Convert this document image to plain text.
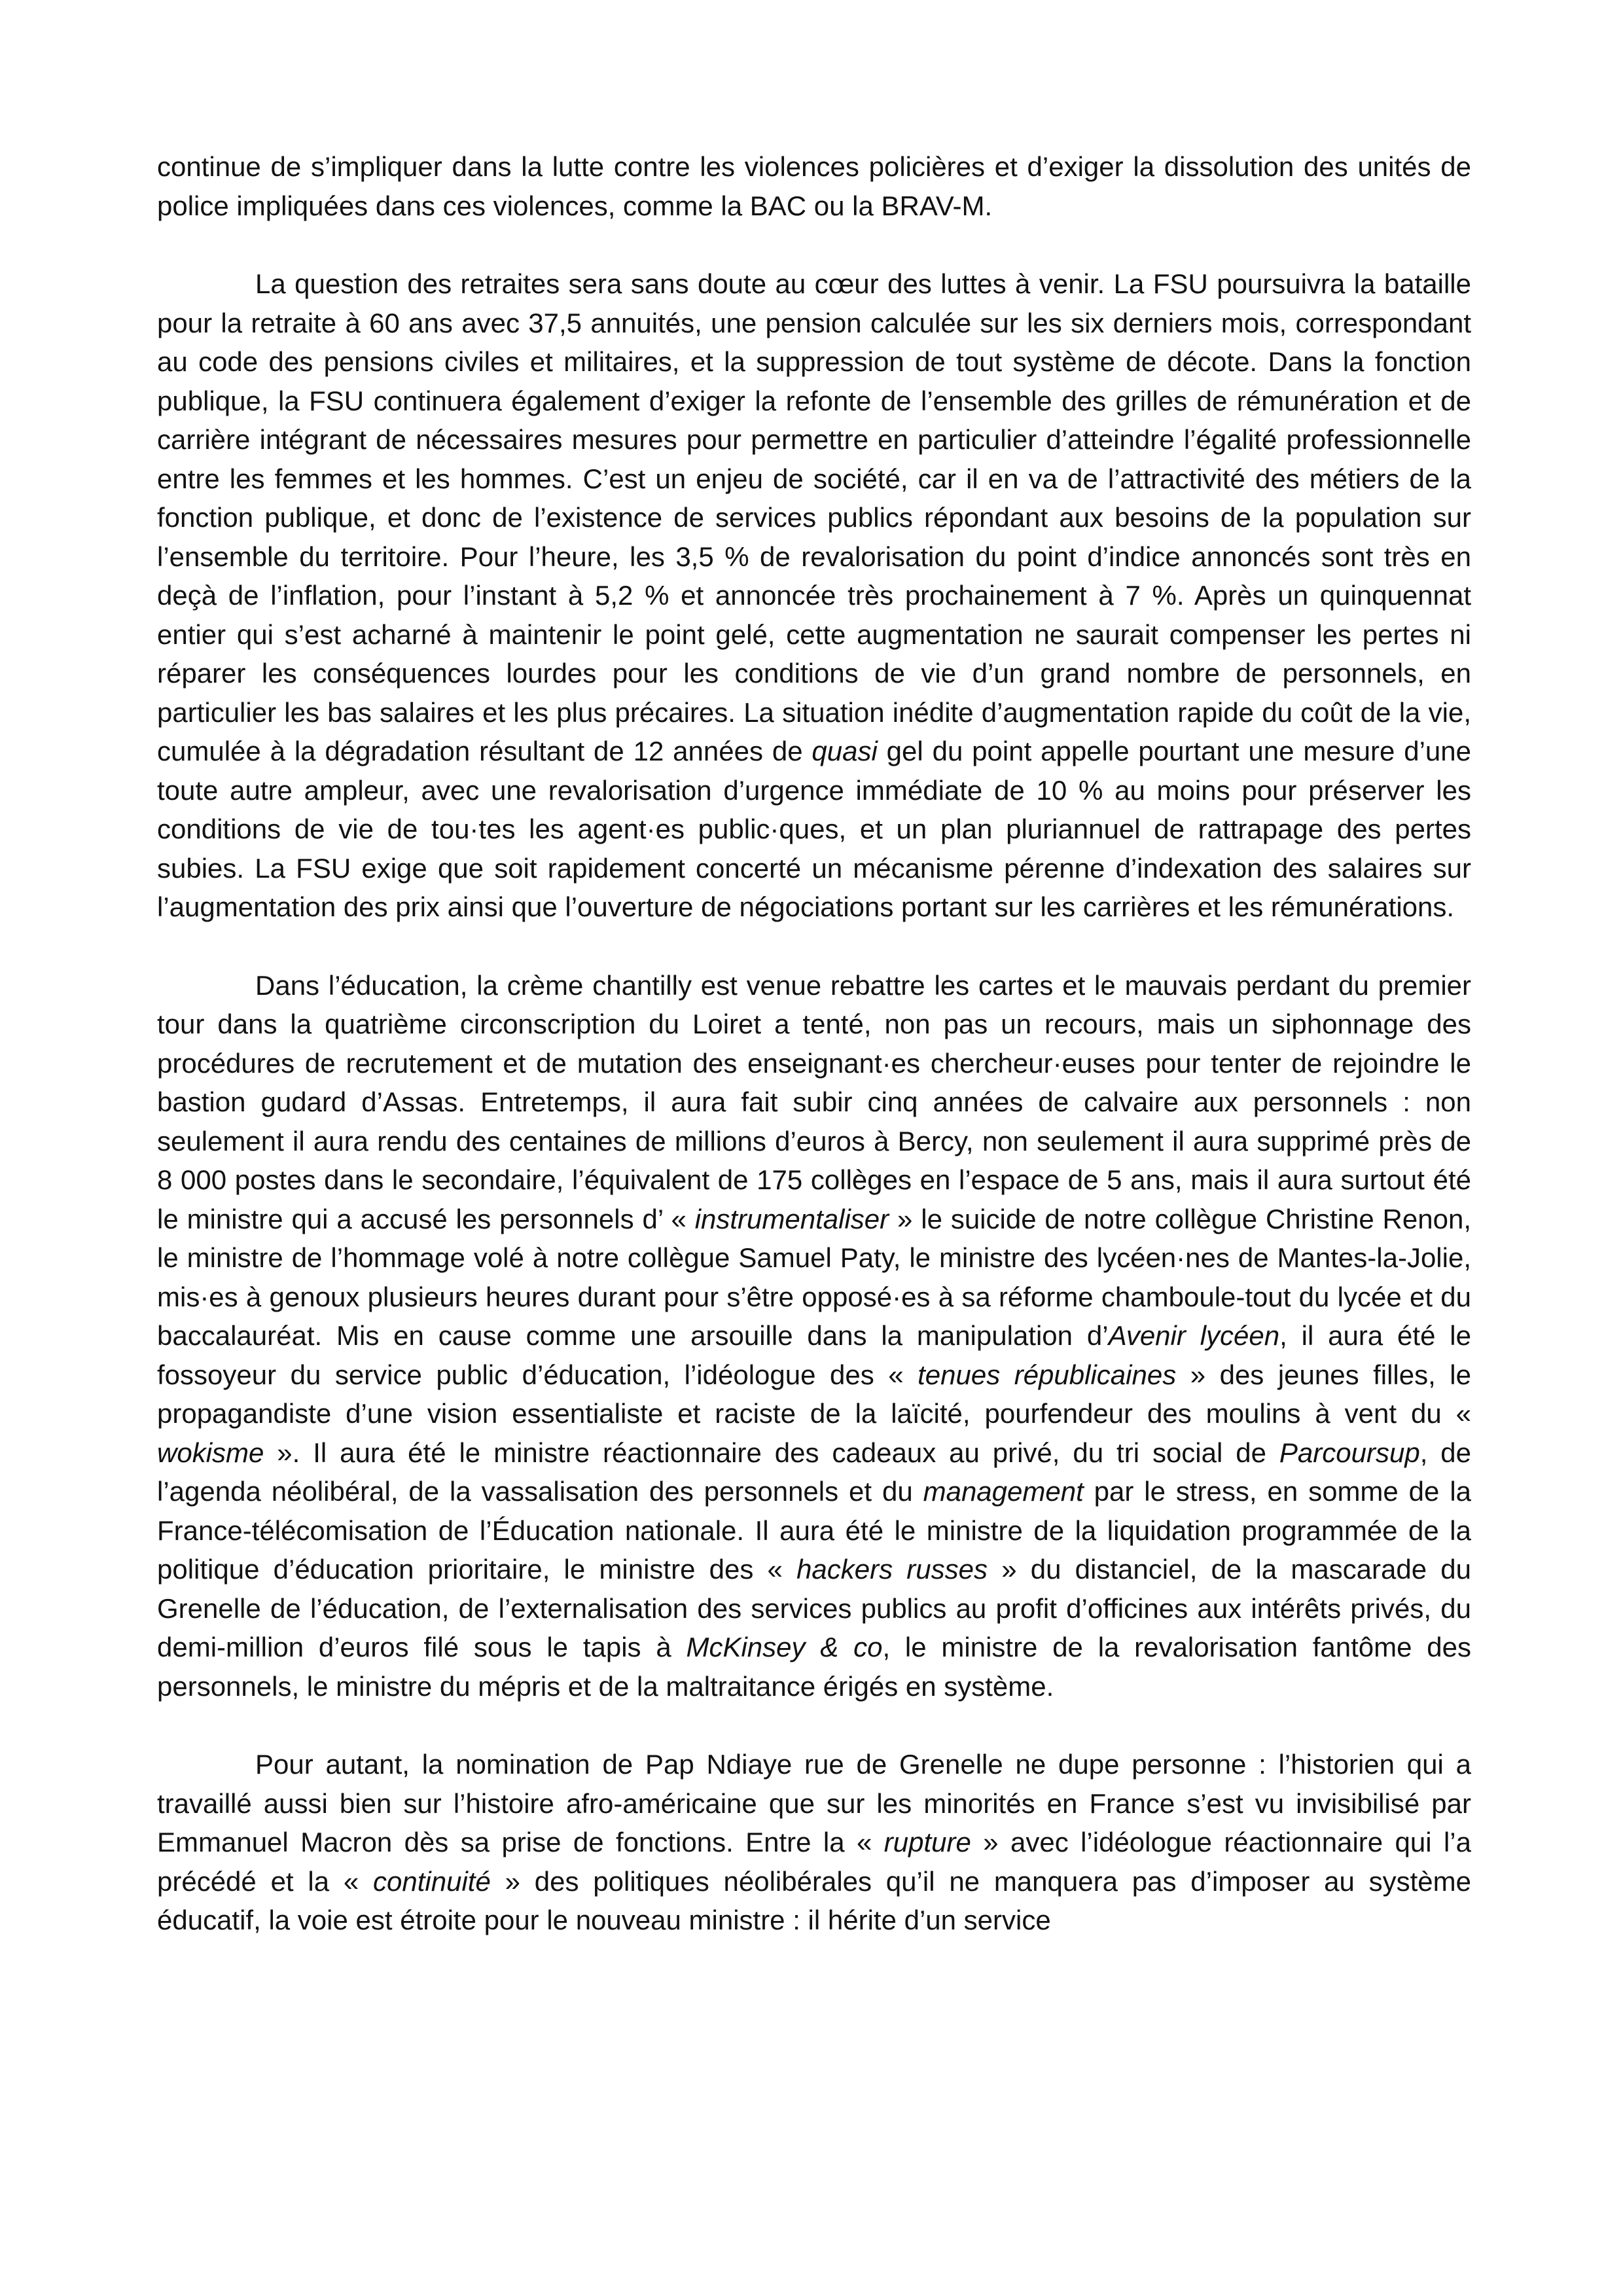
continue de s’impliquer dans la lutte contre les violences policières et d’exiger la dissolution des unités de police impliquées dans ces violences, comme la BAC ou la BRAV-M.

La question des retraites sera sans doute au cœur des luttes à venir. La FSU poursuivra la bataille pour la retraite à 60 ans avec 37,5 annuités, une pension calculée sur les six derniers mois, correspondant au code des pensions civiles et militaires, et la suppression de tout système de décote. Dans la fonction publique, la FSU continuera également d’exiger la refonte de l’ensemble des grilles de rémunération et de carrière intégrant de nécessaires mesures pour permettre en particulier d’atteindre l’égalité professionnelle entre les femmes et les hommes. C’est un enjeu de société, car il en va de l’attractivité des métiers de la fonction publique, et donc de l’existence de services publics répondant aux besoins de la population sur l’ensemble du territoire. Pour l’heure, les 3,5 % de revalorisation du point d’indice annoncés sont très en deçà de l’inflation, pour l’instant à 5,2 % et annoncée très prochainement à 7 %. Après un quinquennat entier qui s’est acharné à maintenir le point gelé, cette augmentation ne saurait compenser les pertes ni réparer les conséquences lourdes pour les conditions de vie d’un grand nombre de personnels, en particulier les bas salaires et les plus précaires. La situation inédite d’augmentation rapide du coût de la vie, cumulée à la dégradation résultant de 12 années de quasi gel du point appelle pourtant une mesure d’une toute autre ampleur, avec une revalorisation d’urgence immédiate de 10 % au moins pour préserver les conditions de vie de tou·tes les agent·es public·ques, et un plan pluriannuel de rattrapage des pertes subies. La FSU exige que soit rapidement concerté un mécanisme pérenne d’indexation des salaires sur l’augmentation des prix ainsi que l’ouverture de négociations portant sur les carrières et les rémunérations.

Dans l’éducation, la crème chantilly est venue rebattre les cartes et le mauvais perdant du premier tour dans la quatrième circonscription du Loiret a tenté, non pas un recours, mais un siphonnage des procédures de recrutement et de mutation des enseignant·es chercheur·euses pour tenter de rejoindre le bastion gudard d’Assas. Entretemps, il aura fait subir cinq années de calvaire aux personnels : non seulement il aura rendu des centaines de millions d’euros à Bercy, non seulement il aura supprimé près de 8 000 postes dans le secondaire, l’équivalent de 175 collèges en l’espace de 5 ans, mais il aura surtout été le ministre qui a accusé les personnels d’ « instrumentaliser » le suicide de notre collègue Christine Renon, le ministre de l’hommage volé à notre collègue Samuel Paty, le ministre des lycéen·nes de Mantes-la-Jolie, mis·es à genoux plusieurs heures durant pour s’être opposé·es à sa réforme chamboule-tout du lycée et du baccalauréat. Mis en cause comme une arsouille dans la manipulation d’Avenir lycéen, il aura été le fossoyeur du service public d’éducation, l’idéologue des « tenues républicaines » des jeunes filles, le propagandiste d’une vision essentialiste et raciste de la laïcité, pourfendeur des moulins à vent du « wokisme ». Il aura été le ministre réactionnaire des cadeaux au privé, du tri social de Parcoursup, de l’agenda néolibéral, de la vassalisation des personnels et du management par le stress, en somme de la France-télécomisation de l’Éducation nationale. Il aura été le ministre de la liquidation programmée de la politique d’éducation prioritaire, le ministre des « hackers russes » du distanciel, de la mascarade du Grenelle de l’éducation, de l’externalisation des services publics au profit d’officines aux intérêts privés, du demi-million d’euros filé sous le tapis à McKinsey & co, le ministre de la revalorisation fantôme des personnels, le ministre du mépris et de la maltraitance érigés en système.

Pour autant, la nomination de Pap Ndiaye rue de Grenelle ne dupe personne : l’historien qui a travaillé aussi bien sur l’histoire afro-américaine que sur les minorités en France s’est vu invisibilisé par Emmanuel Macron dès sa prise de fonctions. Entre la « rupture » avec l’idéologue réactionnaire qui l’a précédé et la « continuité » des politiques néolibérales qu’il ne manquera pas d’imposer au système éducatif, la voie est étroite pour le nouveau ministre : il hérite d’un service
